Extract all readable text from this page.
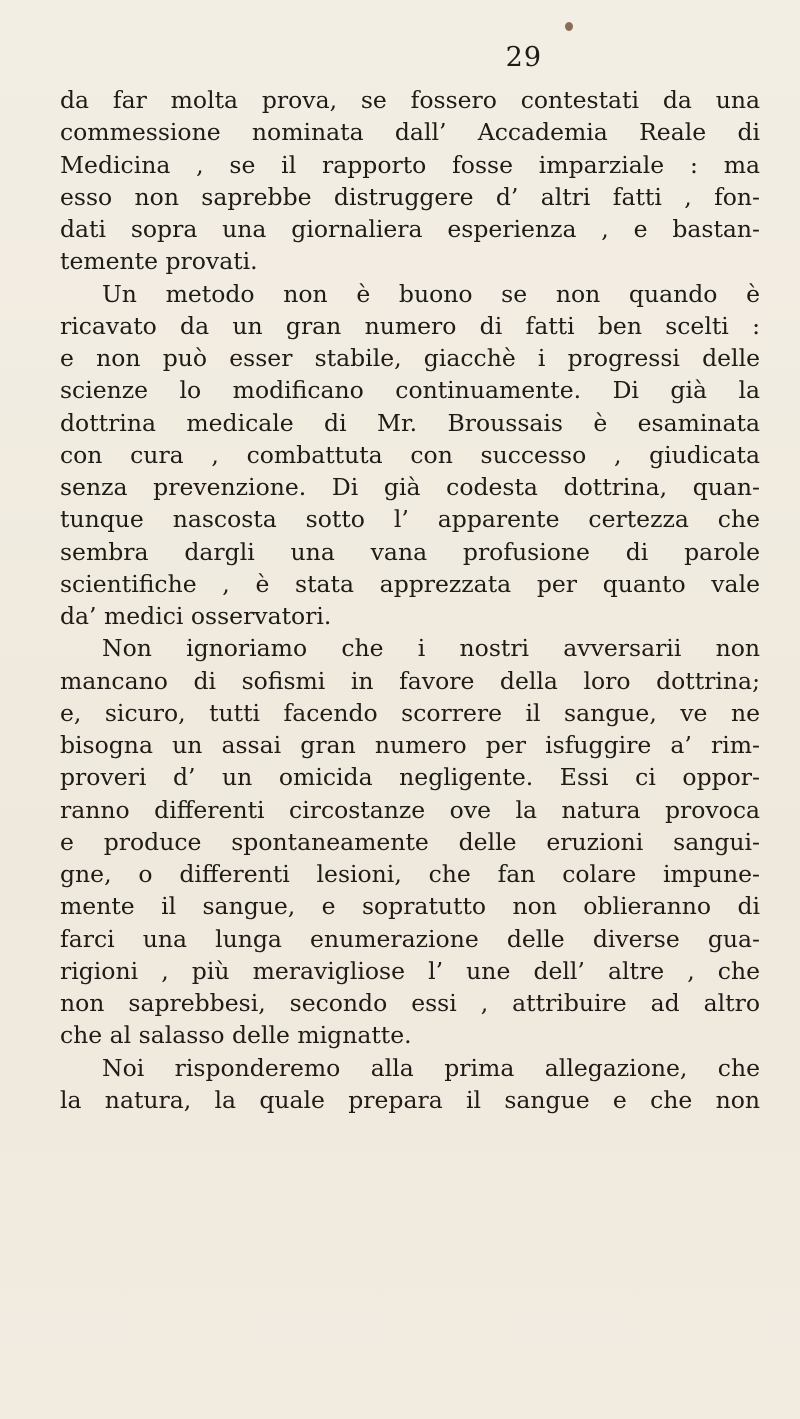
29
da far molta prova, se fossero contestati da una
commessione nominata dall’ Accademia Reale di
Medicina , se il rapporto fosse imparziale : ma
esso non saprebbe distruggere d’ altri fatti , fon-
dati sopra una giornaliera esperienza , e bastan-
temente provati.
Un metodo non è buono se non quando è
ricavato da un gran numero di fatti ben scelti :
e non può esser stabile, giacchè i progressi delle
scienze lo modificano continuamente. Di già la
dottrina medicale di Mr. Broussais è esaminata
con cura , combattuta con successo , giudicata
senza prevenzione. Di già codesta dottrina, quan-
tunque nascosta sotto l’ apparente certezza che
sembra dargli una vana profusione di parole
scientifiche , è stata apprezzata per quanto vale
da’ medici osservatori.
Non ignoriamo che i nostri avversarii non
mancano di sofismi in favore della loro dottrina;
e, sicuro, tutti facendo scorrere il sangue, ve ne
bisogna un assai gran numero per isfuggire a’ rim-
proveri d’ un omicida negligente. Essi ci oppor-
ranno differenti circostanze ove la natura provoca
e produce spontaneamente delle eruzioni sangui-
gne, o differenti lesioni, che fan colare impune-
mente il sangue, e sopratutto non oblieranno di
farci una lunga enumerazione delle diverse gua-
rigioni , più meravigliose l’ une dell’ altre , che
non saprebbesi, secondo essi , attribuire ad altro
che al salasso delle mignatte.
Noi risponderemo alla prima allegazione, che
la natura, la quale prepara il sangue e che non
